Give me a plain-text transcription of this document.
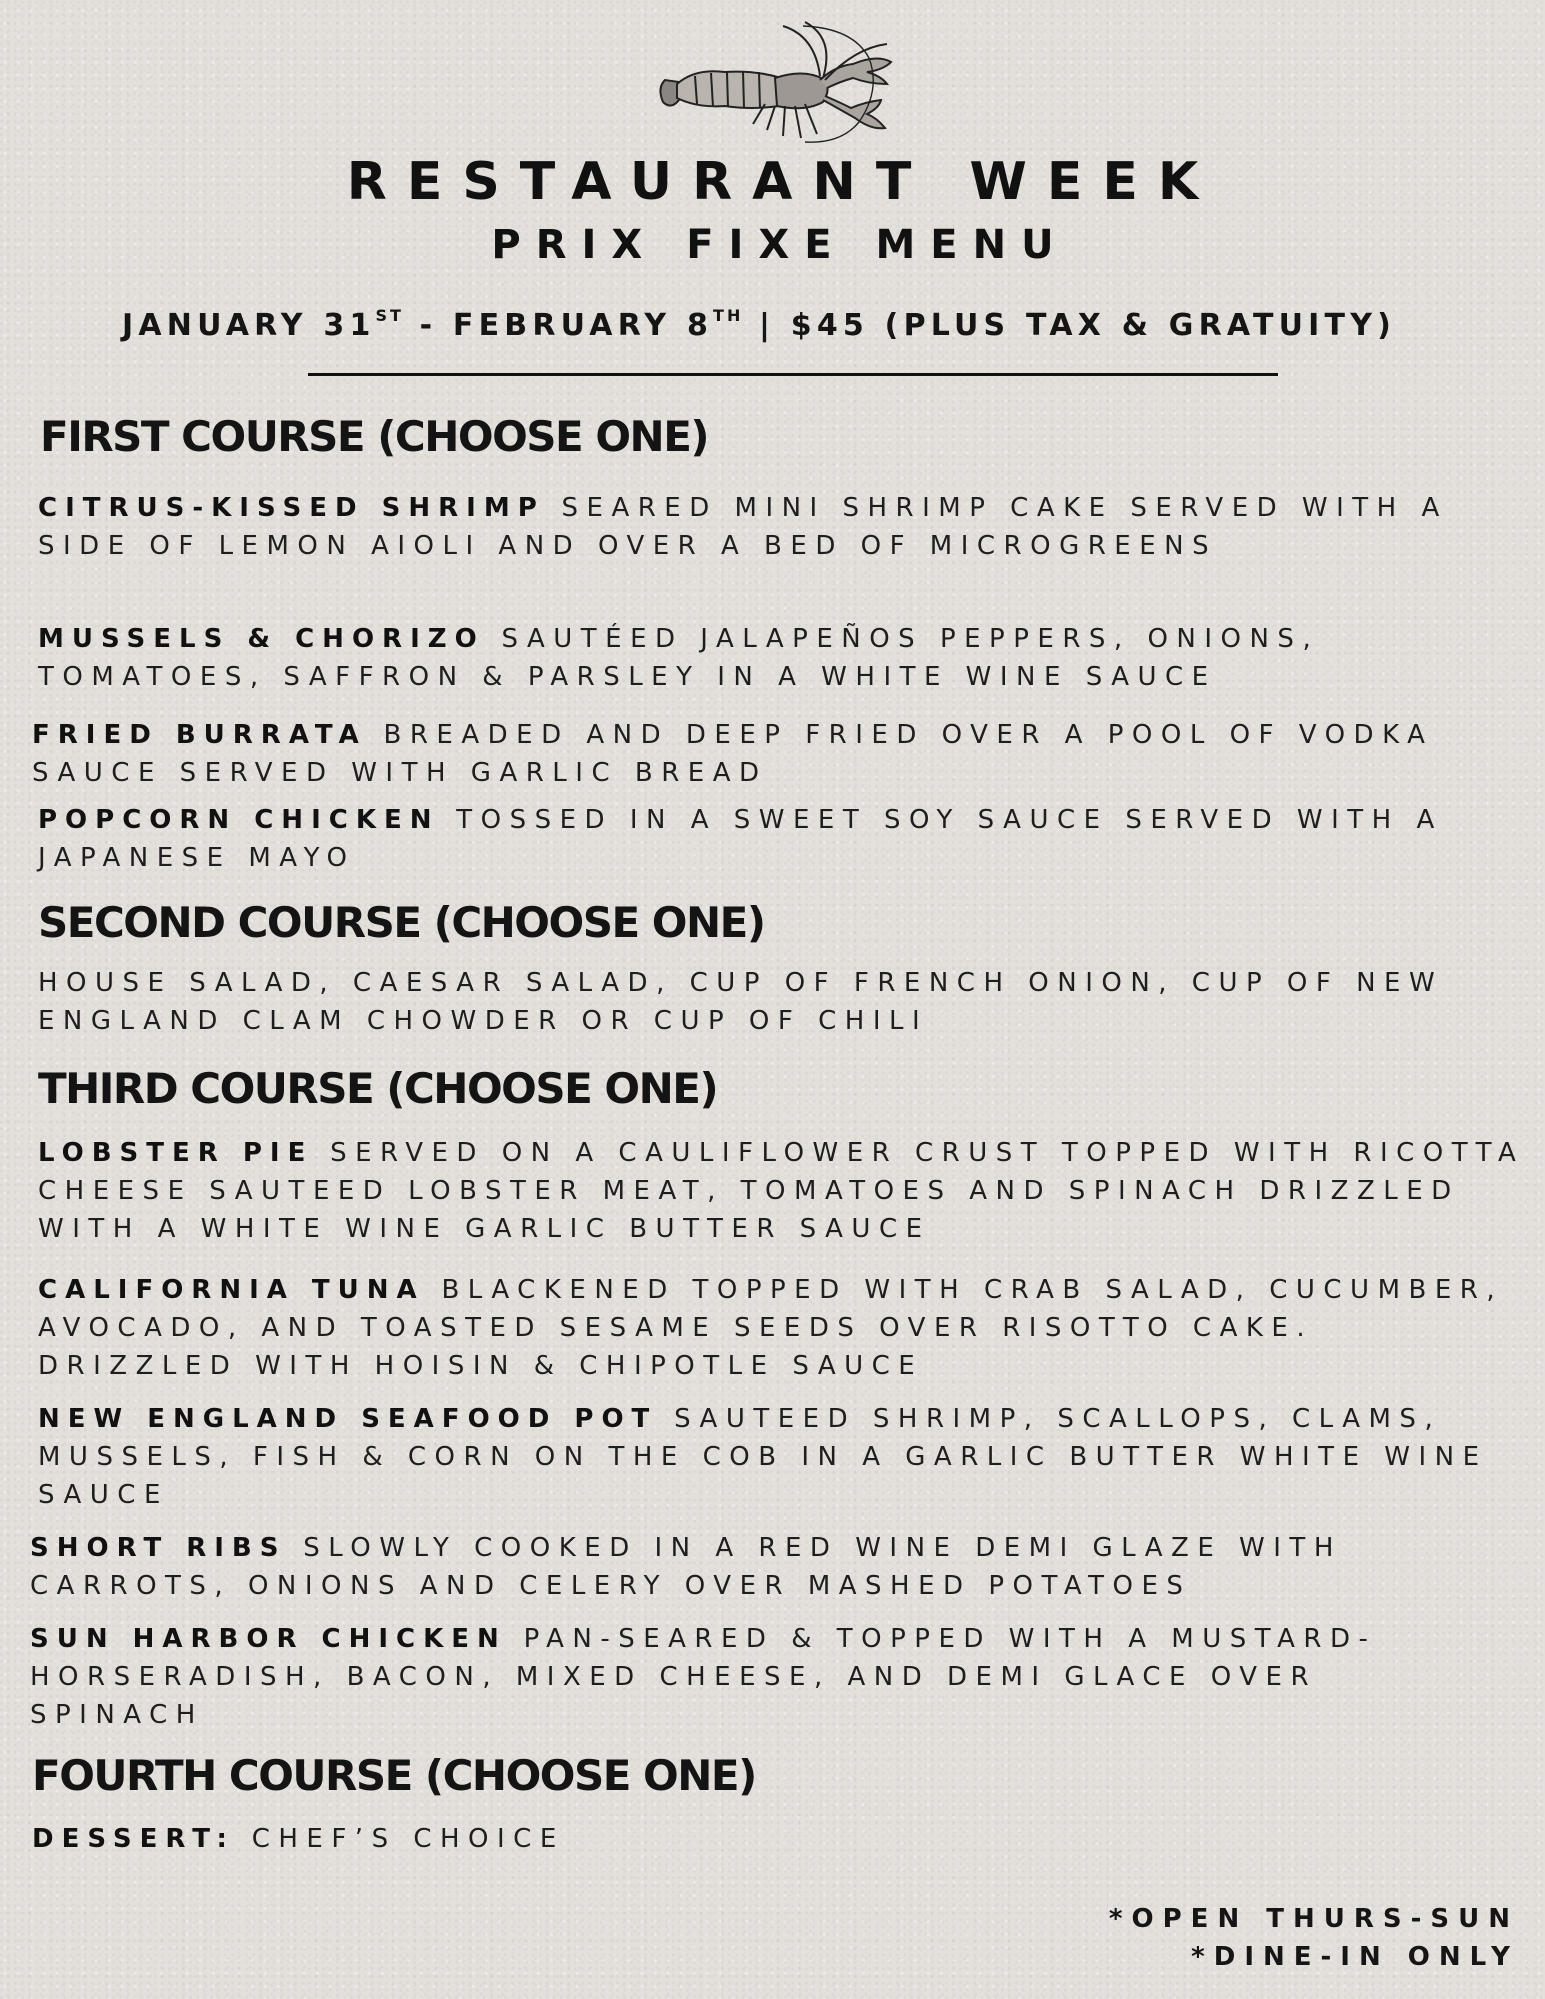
RESTAURANT WEEK
PRIX FIXE MENU
JANUARY 31ST - FEBRUARY 8TH | $45 (PLUS TAX & GRATUITY)
FIRST COURSE (CHOOSE ONE)
CITRUS-KISSED SHRIMP SEARED MINI SHRIMP CAKE SERVED WITH A SIDE OF LEMON AIOLI AND OVER A BED OF MICROGREENS
MUSSELS & CHORIZO SAUTÉED JALAPEÑOS PEPPERS, ONIONS, TOMATOES, SAFFRON & PARSLEY IN A WHITE WINE SAUCE
FRIED BURRATA BREADED AND DEEP FRIED OVER A POOL OF VODKA SAUCE SERVED WITH GARLIC BREAD
POPCORN CHICKEN TOSSED IN A SWEET SOY SAUCE SERVED WITH A JAPANESE MAYO
SECOND COURSE (CHOOSE ONE)
HOUSE SALAD, CAESAR SALAD, CUP OF FRENCH ONION, CUP OF NEW ENGLAND CLAM CHOWDER OR CUP OF CHILI
THIRD COURSE (CHOOSE ONE)
LOBSTER PIE SERVED ON A CAULIFLOWER CRUST TOPPED WITH RICOTTA CHEESE SAUTEED LOBSTER MEAT, TOMATOES AND SPINACH DRIZZLED WITH A WHITE WINE GARLIC BUTTER SAUCE
CALIFORNIA TUNA BLACKENED TOPPED WITH CRAB SALAD, CUCUMBER, AVOCADO, AND TOASTED SESAME SEEDS OVER RISOTTO CAKE. DRIZZLED WITH HOISIN & CHIPOTLE SAUCE
NEW ENGLAND SEAFOOD POT SAUTEED SHRIMP, SCALLOPS, CLAMS, MUSSELS, FISH & CORN ON THE COB IN A GARLIC BUTTER WHITE WINE SAUCE
SHORT RIBS SLOWLY COOKED IN A RED WINE DEMI GLAZE WITH CARROTS, ONIONS AND CELERY OVER MASHED POTATOES
SUN HARBOR CHICKEN PAN-SEARED & TOPPED WITH A MUSTARD-HORSERADISH, BACON, MIXED CHEESE, AND DEMI GLACE OVER SPINACH
FOURTH COURSE (CHOOSE ONE)
DESSERT: CHEF’S CHOICE
*OPEN THURS-SUN
*DINE-IN ONLY
